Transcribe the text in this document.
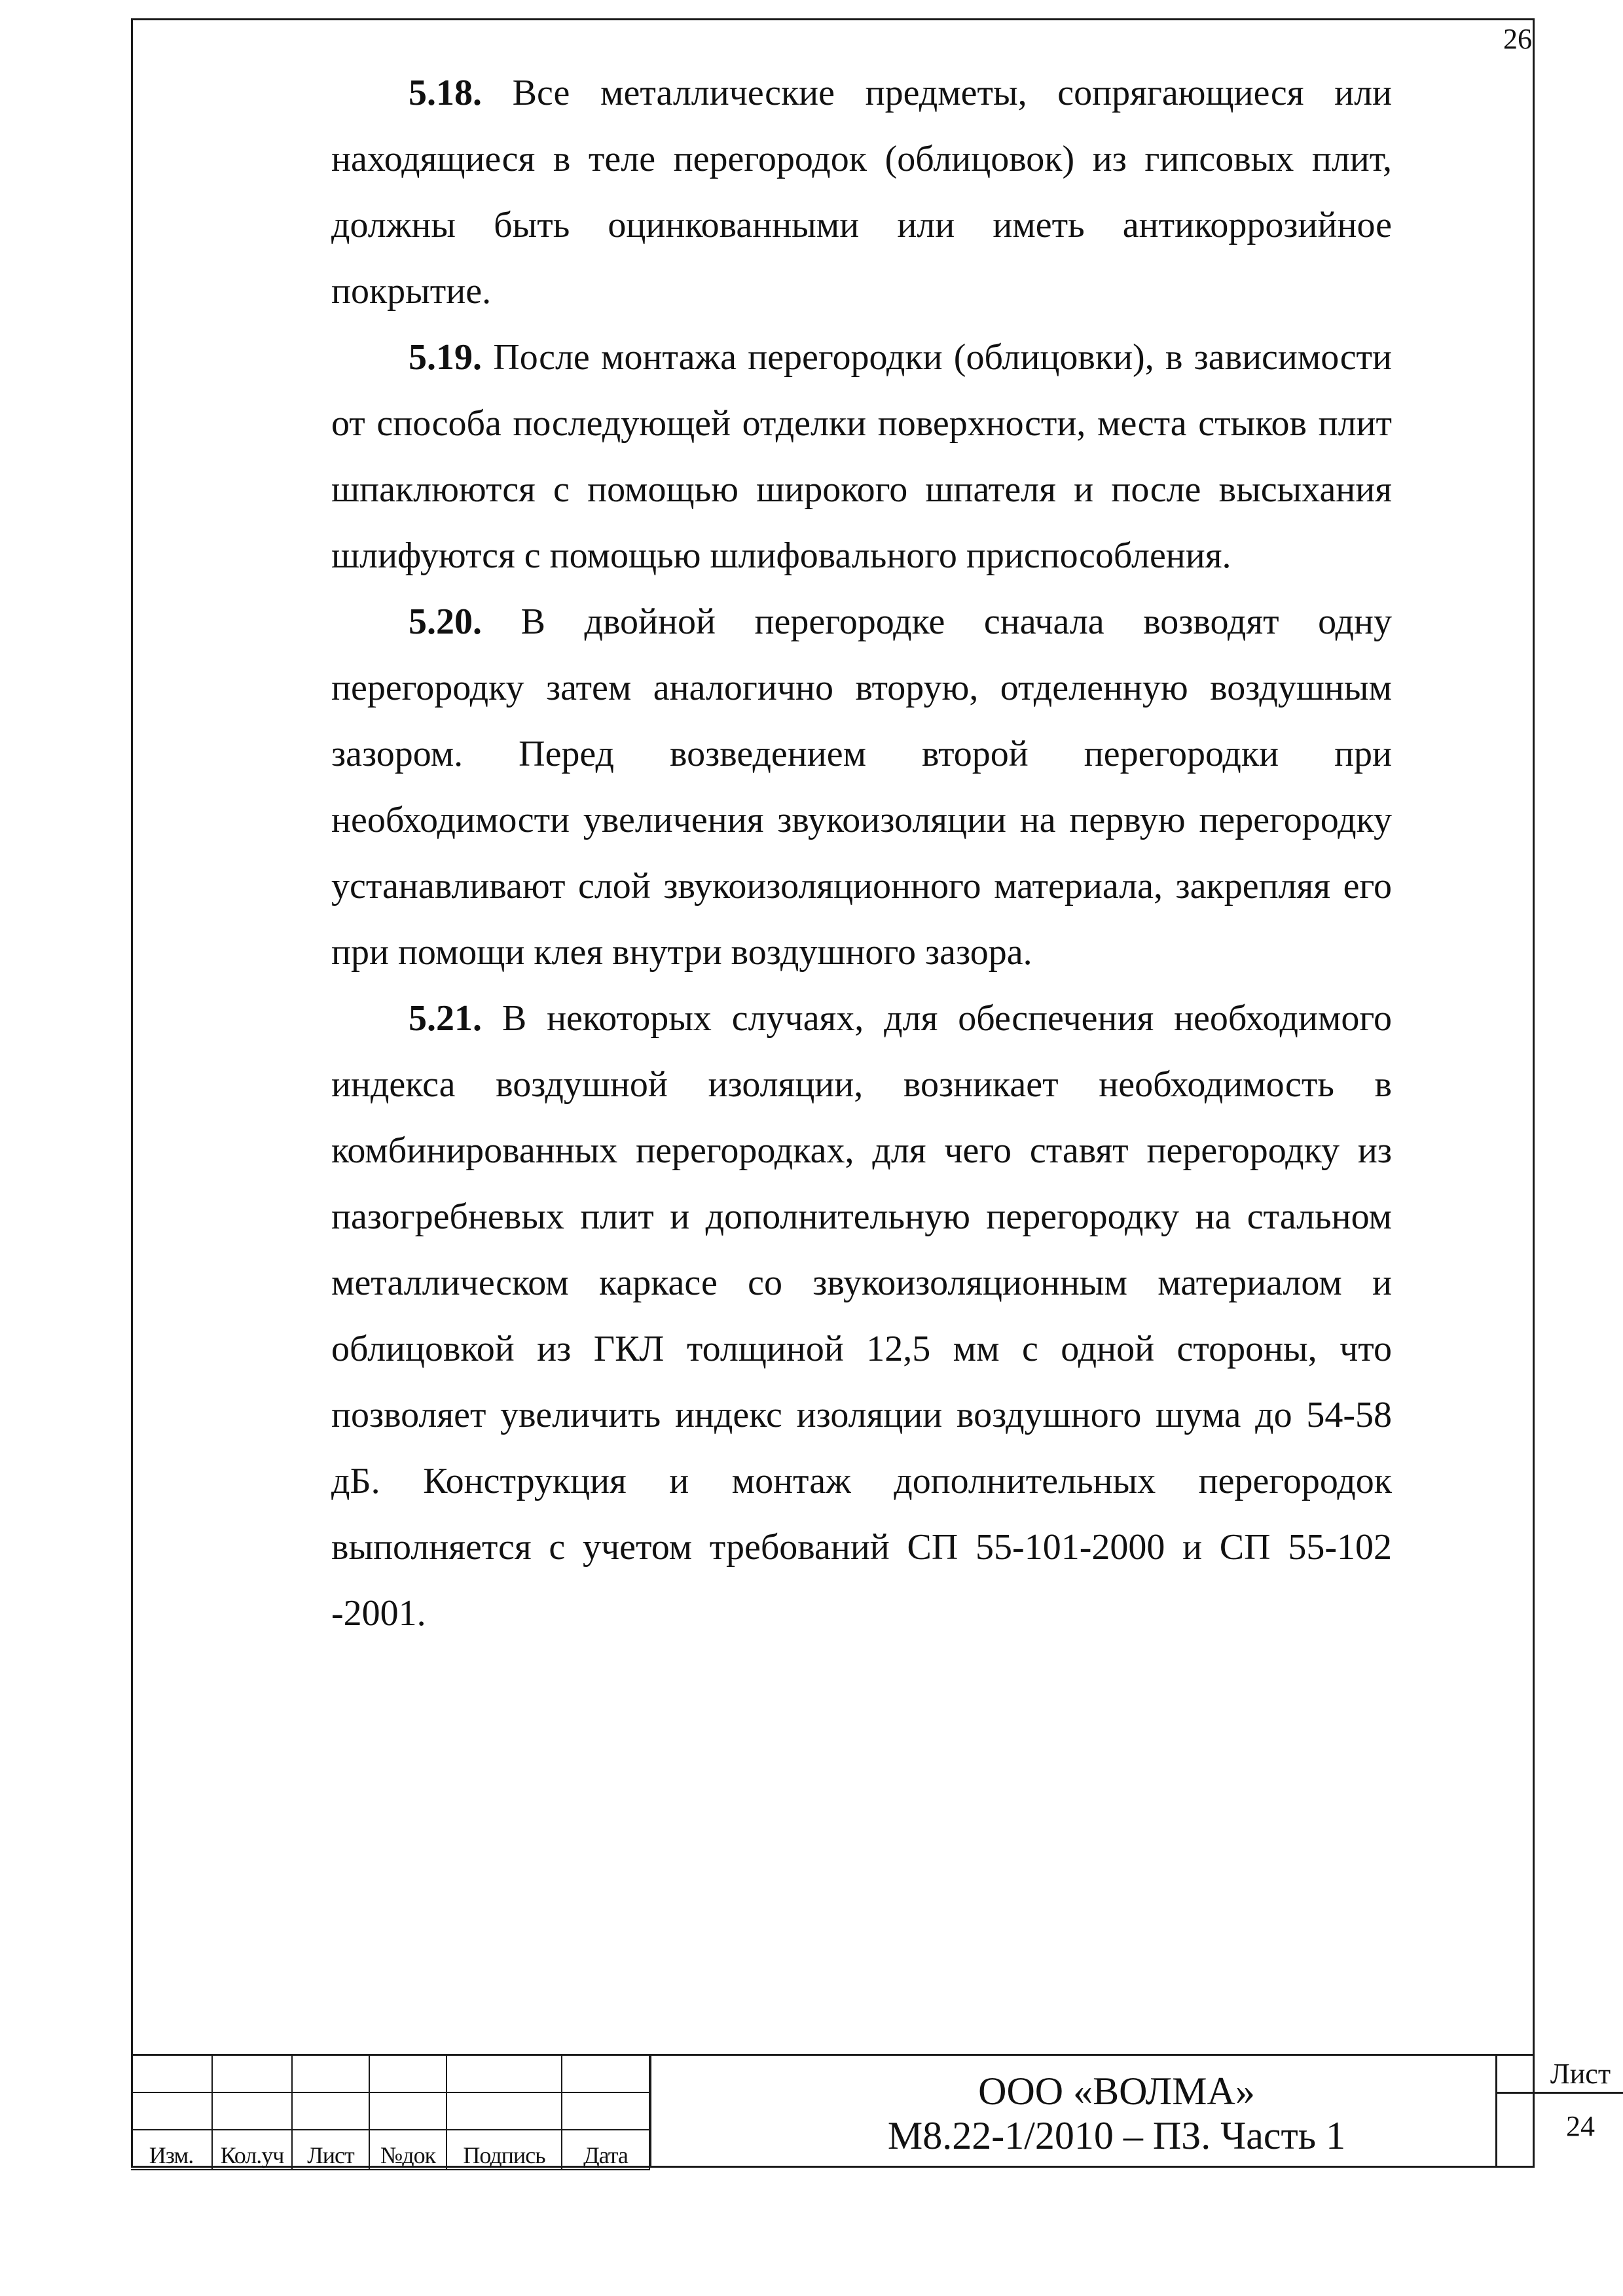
26

5.18. Все металлические предметы, сопрягающиеся или находящиеся в теле перегородок (облицовок) из гипсовых плит, должны быть оцинкованными или иметь антикоррозийное покрытие.

5.19. После монтажа перегородки (облицовки), в зависимости от способа последующей отделки поверхности, места стыков плит шпаклюются с помощью широкого шпателя и после высыхания шлифуются с помощью шлифовального приспособления.

5.20. В двойной перегородке сначала возводят одну перегородку затем аналогично вторую, отделенную воздушным зазором. Перед возведением второй перегородки при необходимости увеличения звукоизоляции на первую перегородку устанавливают слой звукоизоляционного материала, закрепляя его при помощи клея внутри воздушного зазора.

5.21. В некоторых случаях, для обеспечения необходимого индекса воздушной изоляции, возникает необходимость в комбинированных перегородках, для чего ставят перегородку из пазогребневых плит и дополнительную перегородку на стальном металлическом каркасе со звукоизоляционным материалом и облицовкой из ГКЛ толщиной 12,5 мм с одной стороны, что позволяет увеличить индекс изоляции воздушного шума до 54-58 дБ. Конструкция и монтаж дополнительных перегородок выполняется с учетом требований СП 55-101-2000 и СП 55-102 -2001.

Изм.	Кол.уч	Лист	№док	Подпись	Дата
ООО «ВОЛМА»
М8.22-1/2010 – ПЗ. Часть 1
Лист
24
